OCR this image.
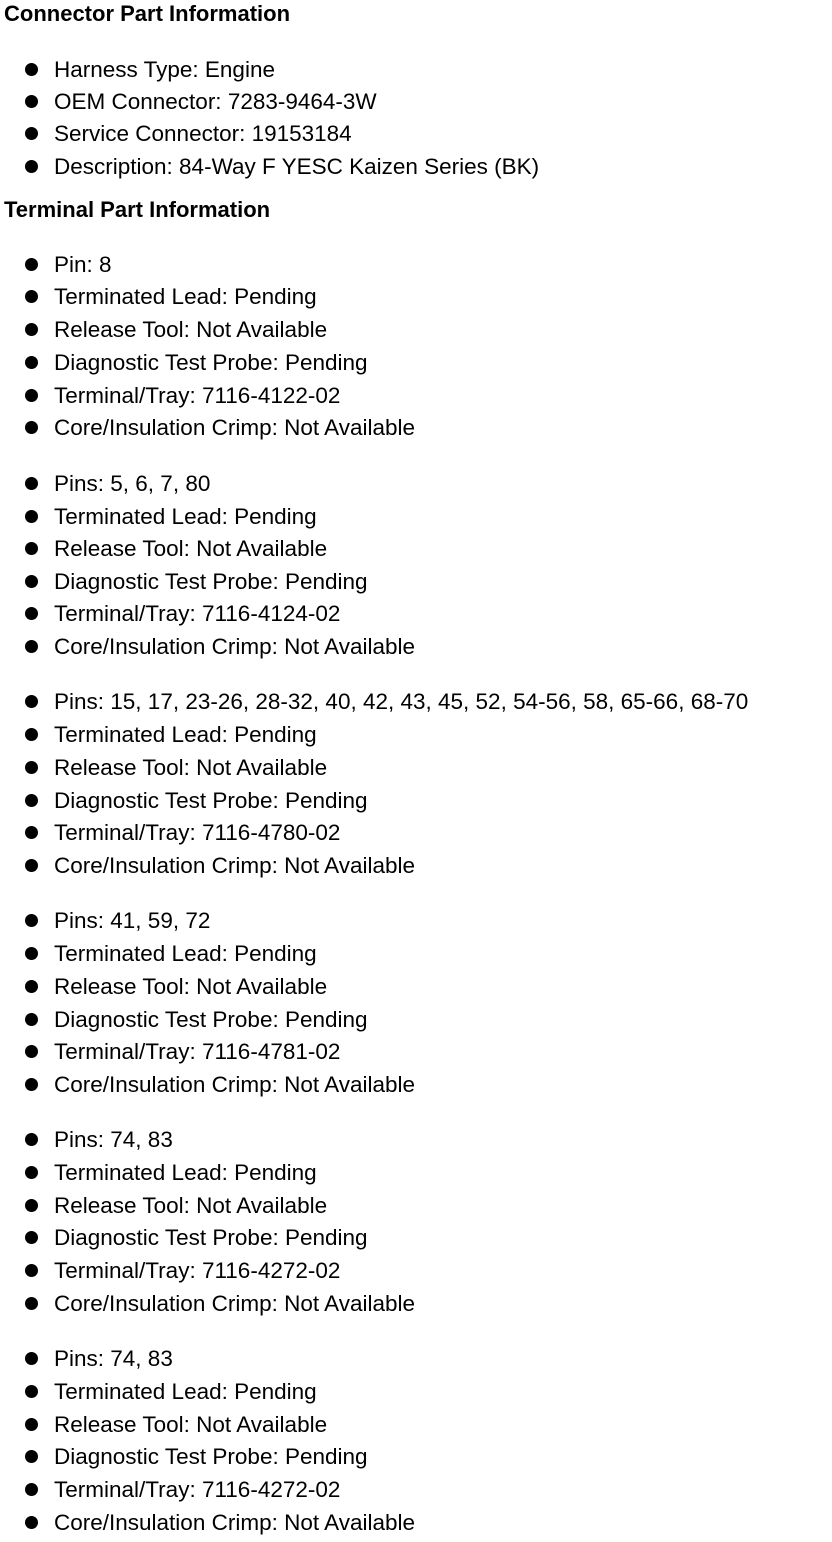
Connector Part Information
Harness Type: Engine
OEM Connector: 7283-9464-3W
Service Connector: 19153184
Description: 84-Way F YESC Kaizen Series (BK)
Terminal Part Information
Pin: 8
Terminated Lead: Pending
Release Tool: Not Available
Diagnostic Test Probe: Pending
Terminal/Tray: 7116-4122-02
Core/Insulation Crimp: Not Available
Pins: 5, 6, 7, 80
Terminated Lead: Pending
Release Tool: Not Available
Diagnostic Test Probe: Pending
Terminal/Tray: 7116-4124-02
Core/Insulation Crimp: Not Available
Pins: 15, 17, 23-26, 28-32, 40, 42, 43, 45, 52, 54-56, 58, 65-66, 68-70
Terminated Lead: Pending
Release Tool: Not Available
Diagnostic Test Probe: Pending
Terminal/Tray: 7116-4780-02
Core/Insulation Crimp: Not Available
Pins: 41, 59, 72
Terminated Lead: Pending
Release Tool: Not Available
Diagnostic Test Probe: Pending
Terminal/Tray: 7116-4781-02
Core/Insulation Crimp: Not Available
Pins: 74, 83
Terminated Lead: Pending
Release Tool: Not Available
Diagnostic Test Probe: Pending
Terminal/Tray: 7116-4272-02
Core/Insulation Crimp: Not Available
Pins: 74, 83
Terminated Lead: Pending
Release Tool: Not Available
Diagnostic Test Probe: Pending
Terminal/Tray: 7116-4272-02
Core/Insulation Crimp: Not Available
